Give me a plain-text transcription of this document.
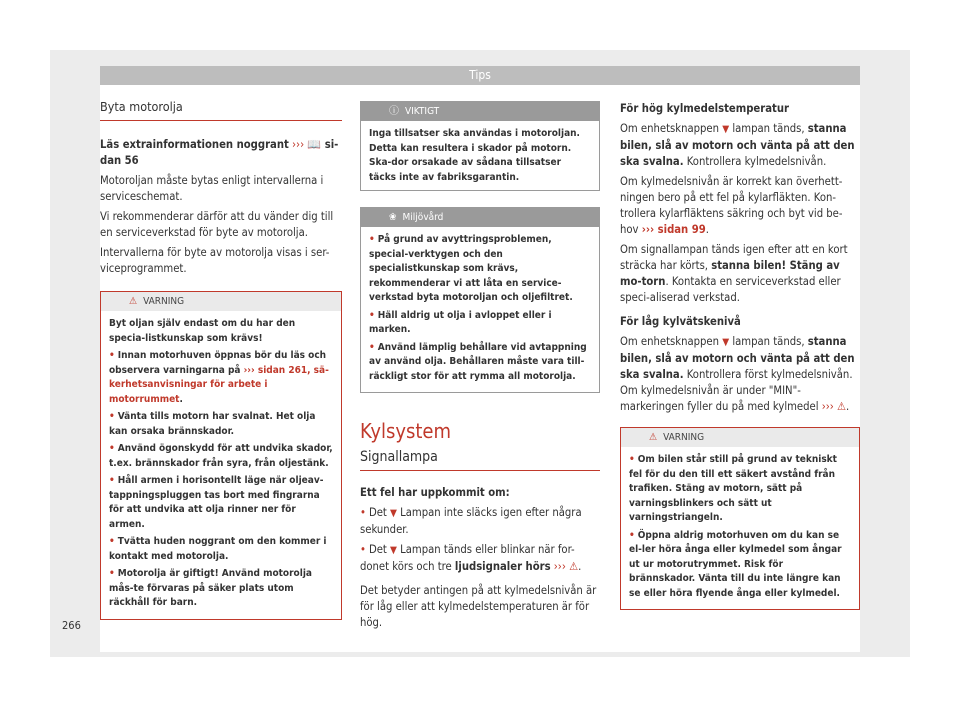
Tips
Byta motorolja

Läs extrainformationen noggrant ››› 📖 si-
dan 56

Motoroljan måste bytas enligt intervallerna i serviceschemat.

Vi rekommenderar därför att du vänder dig till en serviceverkstad för byte av motorolja.

Intervallerna för byte av motorolja visas i ser-viceprogrammet.

⚠ VARNING

Byt oljan själv endast om du har den specia-listkunskap som krävs!

• Innan motorhuven öppnas bör du läs och observera varningarna på ››› sidan 261, sä-kerhetsanvisningar för arbete i motorrummet.

• Vänta tills motorn har svalnat. Het olja kan orsaka brännskador.

• Använd ögonskydd för att undvika skador, t.ex. brännskador från syra, från oljestänk.

• Håll armen i horisontellt läge när oljeav-tappningspluggen tas bort med fingrarna för att undvika att olja rinner ner för armen.

• Tvätta huden noggrant om den kommer i kontakt med motorolja.

• Motorolja är giftigt! Använd motorolja mås-te förvaras på säker plats utom räckhåll för barn.

ⓘ VIKTIGT
Inga tillsatser ska användas i motoroljan. Detta kan resultera i skador på motorn. Ska-dor orsakade av sådana tillsatser täcks inte av fabriksgarantin.
❀ Miljövård

• På grund av avyttringsproblemen, special-verktygen och den specialistkunskap som krävs, rekommenderar vi att låta en service-verkstad byta motoroljan och oljefiltret.

• Häll aldrig ut olja i avloppet eller i marken.

• Använd lämplig behållare vid avtappning av använd olja. Behållaren måste vara till-räckligt stor för att rymma all motorolja.

Kylsystem
Signallampa

Ett fel har uppkommit om:

• Det ▼ Lampan inte släcks igen efter några sekunder.

• Det ▼ Lampan tänds eller blinkar när for-donet körs och tre ljudsignaler hörs ››› ⚠.

Det betyder antingen på att kylmedelsnivån är för låg eller att kylmedelstemperaturen är för hög.

För hög kylmedelstemperatur

Om enhetsknappen ▼ lampan tänds, stanna bilen, slå av motorn och vänta på att den ska svalna. Kontrollera kylmedelsnivån.

Om kylmedelsnivån är korrekt kan överhett-ningen bero på ett fel på kylarfläkten. Kon-trollera kylarfläktens säkring och byt vid be-hov ››› sidan 99.

Om signallampan tänds igen efter att en kort sträcka har körts, stanna bilen! Stäng av mo-torn. Kontakta en serviceverkstad eller speci-aliserad verkstad.

För låg kylvätskenivå

Om enhetsknappen ▼ lampan tänds, stanna bilen, slå av motorn och vänta på att den ska svalna. Kontrollera först kylmedelsnivån. Om kylmedelsnivån är under "MIN"-markeringen fyller du på med kylmedel ››› ⚠.

⚠ VARNING

• Om bilen står still på grund av tekniskt fel för du den till ett säkert avstånd från trafiken. Stäng av motorn, sätt på varningsblinkers och sätt ut varningstriangeln.

• Öppna aldrig motorhuven om du kan se el-ler höra ånga eller kylmedel som ångar ut ur motorutrymmet. Risk för brännskador. Vänta till du inte längre kan se eller höra flyende ånga eller kylmedel.

266
